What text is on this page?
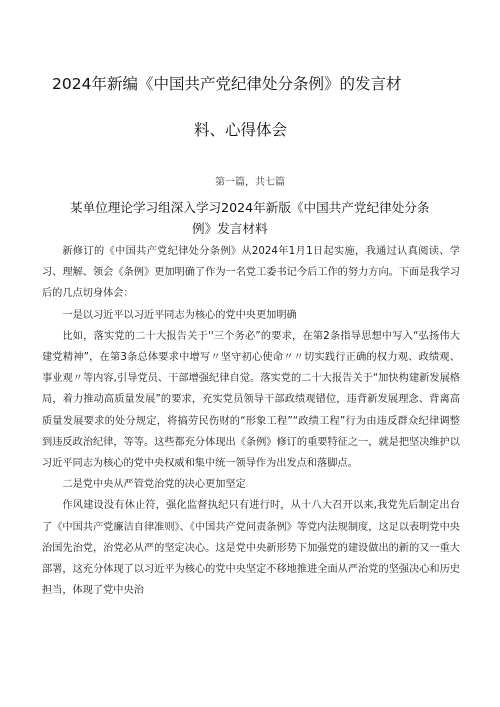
2024年新编《中国共产党纪律处分条例》的发言材
料、心得体会
第一篇，共七篇
某单位理论学习组深入学习2024年新版《中国共产党纪律处分条
例》发言材料

新修订的《中国共产党纪律处分条例》从2024年1月1日起实施，我通过认真阅读、学习、理解、领会《条例》更加明确了作为一名党工委书记今后工作的努力方向。下面是我学习后的几点切身体会：

一是以习近平以习近平同志为核心的党中央更加明确

比如，落实党的二十大报告关于''三个务必”的要求，在第2条指导思想中写入“弘扬伟大建党精神”，在第3条总体要求中增写〃坚守初心使命〃〃切实践行正确的权力观、政绩观、事业观〃等内容,引导党员、干部增强纪律自觉。落实党的二十大报告关于“加快构建新发展格局，着力推动高质量发展”的要求，充实党员领导干部政绩观错位，违背新发展理念、背离高质量发展要求的处分规定，将搞劳民伤财的“形象工程”“政绩工程”行为由违反群众纪律调整到违反政治纪律，等等。这些都充分体现出《条例》修订的重要特征之一，就是把坚决维护以习近平同志为核心的党中央权威和集中统一领导作为出发点和落脚点。

二是党中央从严管党治党的决心更加坚定

作风建设没有休止符，强化监督执纪只有进行时，从十八大召开以来,我党先后制定出台了《中国共产党廉洁自律准则》、《中国共产党问责条例》等党内法规制度，这足以表明党中央治国先治党，治党必从严的坚定决心。这是党中央新形势下加强党的建设做出的新的又一重大部署，这充分体现了以习近平为核心的党中央坚定不移地推进全面从严治党的坚强决心和历史担当，体现了党中央治
